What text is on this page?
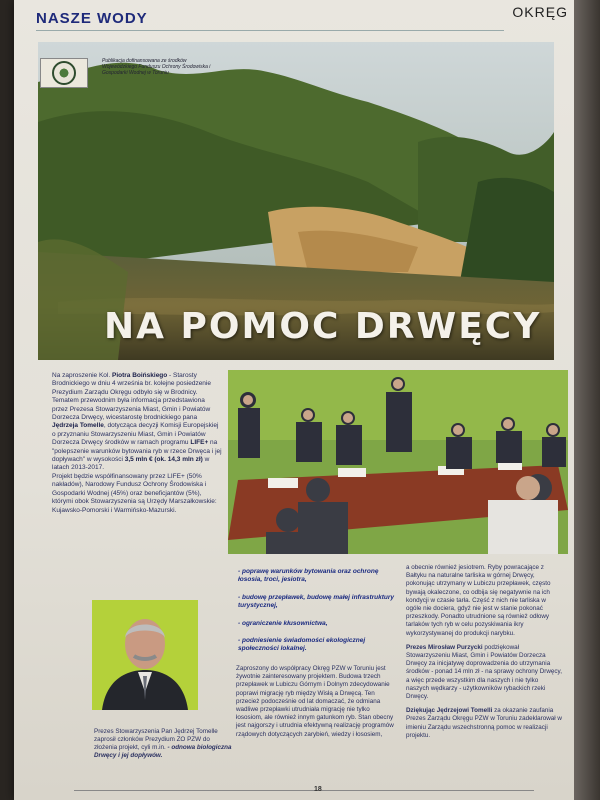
NASZE WODY	OKRĘG
Publikacja dofinansowana ze środków Wojewódzkiego Funduszu Ochrony Środowiska i Gospodarki Wodnej w Toruniu
NA POMOC DRWĘCY

Na zaproszenie Kol. Piotra Boińskiego - Starosty Brodnickiego w dniu 4 września br. kolejne posiedzenie Prezydium Zarządu Okręgu odbyło się w Brodnicy. Tematem przewodnim była informacja przedstawiona przez Prezesa Stowarzyszenia Miast, Gmin i Powiatów Dorzecza Drwęcy, wicestarostę brodnickiego pana Jędrzeja Tomelle, dotycząca decyzji Komisji Europejskiej o przyznaniu Stowarzyszeniu Miast, Gmin i Powiatów Dorzecza Drwęcy środków w ramach programu LIFE+ na "polepszenie warunków bytowania ryb w rzece Drwęca i jej dopływach" w wysokości 3,5 mln € (ok. 14,3 mln zł) w latach 2013-2017.

Projekt będzie współfinansowany przez LIFE+ (50% nakładów), Narodowy Fundusz Ochrony Środowiska i Gospodarki Wodnej (45%) oraz beneficjantów (5%), którymi obok Stowarzyszenia są Urzędy Marszałkowskie: Kujawsko-Pomorski i Warmińsko-Mazurski.

- poprawę warunków bytowania oraz ochronę łososia, troci, jesiotra,
- budowę przepławek, budowę małej infrastruktury turystycznej,
- ograniczenie kłusownictwa,
- podniesienie świadomości ekologicznej społeczności lokalnej.

Zaproszony do współpracy Okręg PZW w Toruniu jest żywotnie zainteresowany projektem. Budowa trzech przepławek w Lubiczu Górnym i Dolnym zdecydowanie poprawi migrację ryb między Wisłą a Drwęcą. Ten przecież podocześnie od lat domaczać, że odmiana wadliwe przepławki utrudniała migrację nie tylko łososiom, ale również innym gatunkom ryb. Stan obecny jest najgorszy i utrudnia efektywną realizację programów rządowych dotyczących zarybień, wiedzy i łososiem,

a obecnie również jesiotrem. Ryby powracające z Bałtyku na naturalne tarliska w górnej Drwęcy, pokonując utrzymany w Lubiczu przepławek, często bywają okaleczone, co odbija się negatywnie na ich kondycji w czasie tarła. Część z nich nie tarliska w ogóle nie dociera, gdyż nie jest w stanie pokonać przeszkody. Ponadto utrudnione są również odłowy tarlaków tych ryb w celu pozyskiwania ikry wykorzystywanej do produkcji narybku.

Prezes Mirosław Purzycki podziękował Stowarzyszeniu Miast, Gmin i Powiatów Dorzecza Drwęcy za inicjatywę doprowadzenia do utrzymania środków - ponad 14 mln zł - na sprawy ochrony Drwęcy, a więc przede wszystkim dla naszych i nie tylko naszych wędkarzy - użytkowników rybackich rzeki Drwęcy.

Dziękując Jędrzejowi Tomelli za okazanie zaufania Prezes Zarządu Okręgu PZW w Toruniu zadeklarował w imieniu Zarządu wszechstronną pomoc w realizacji projektu.

Prezes Stowarzyszenia Pan Jędrzej Tomelle zaprosił członków Prezydium ZO PZW do złożenia projekt, cyli m.in. - odnowa biologiczna Drwęcy i jej dopływów.
18
